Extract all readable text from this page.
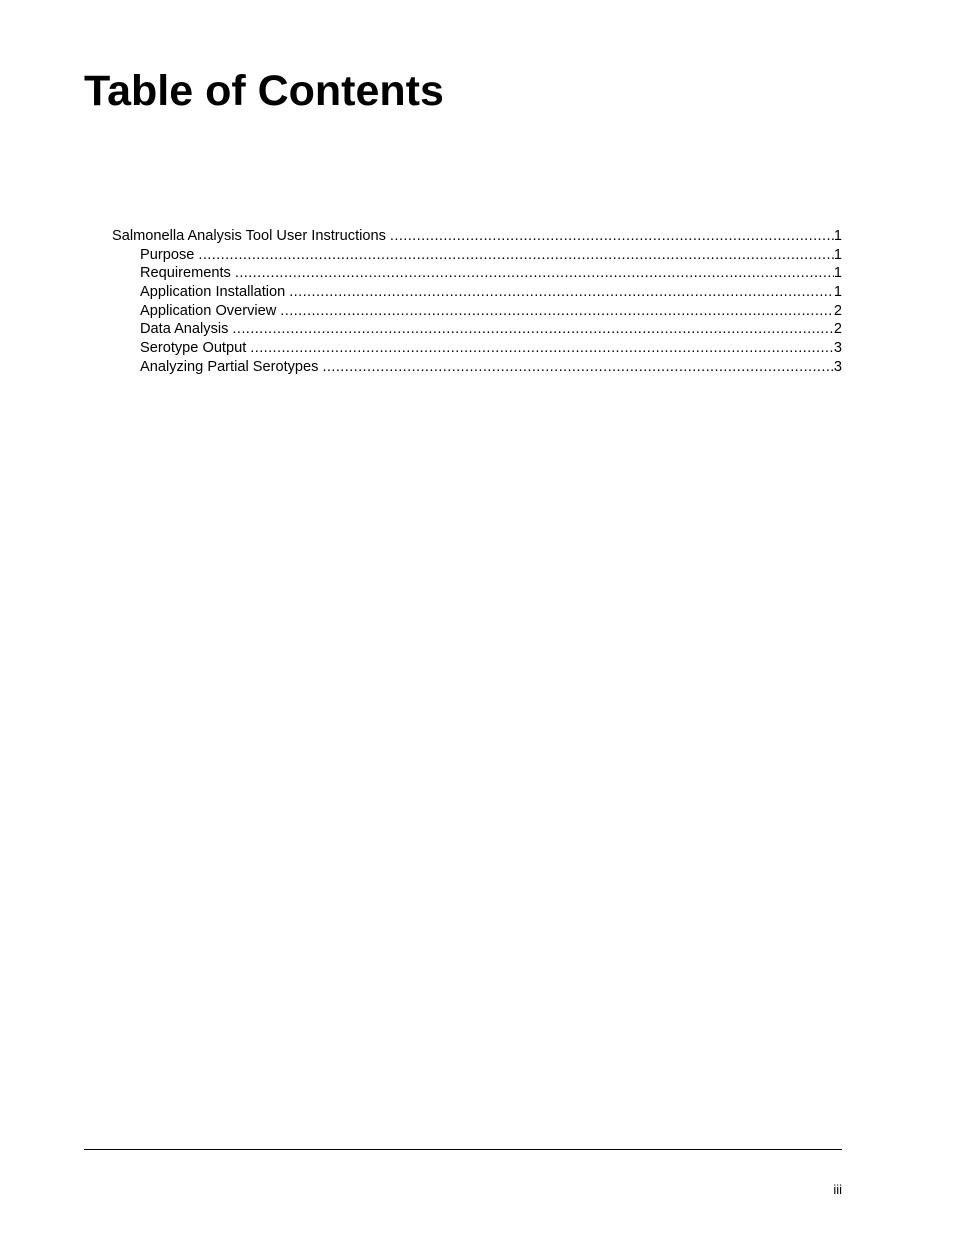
Table of Contents
Salmonella Analysis Tool User Instructions .....	1
Purpose .....	1
Requirements .....	1
Application Installation .....	1
Application Overview .....	2
Data Analysis .....	2
Serotype Output .....	3
Analyzing Partial Serotypes .....	3
iii
